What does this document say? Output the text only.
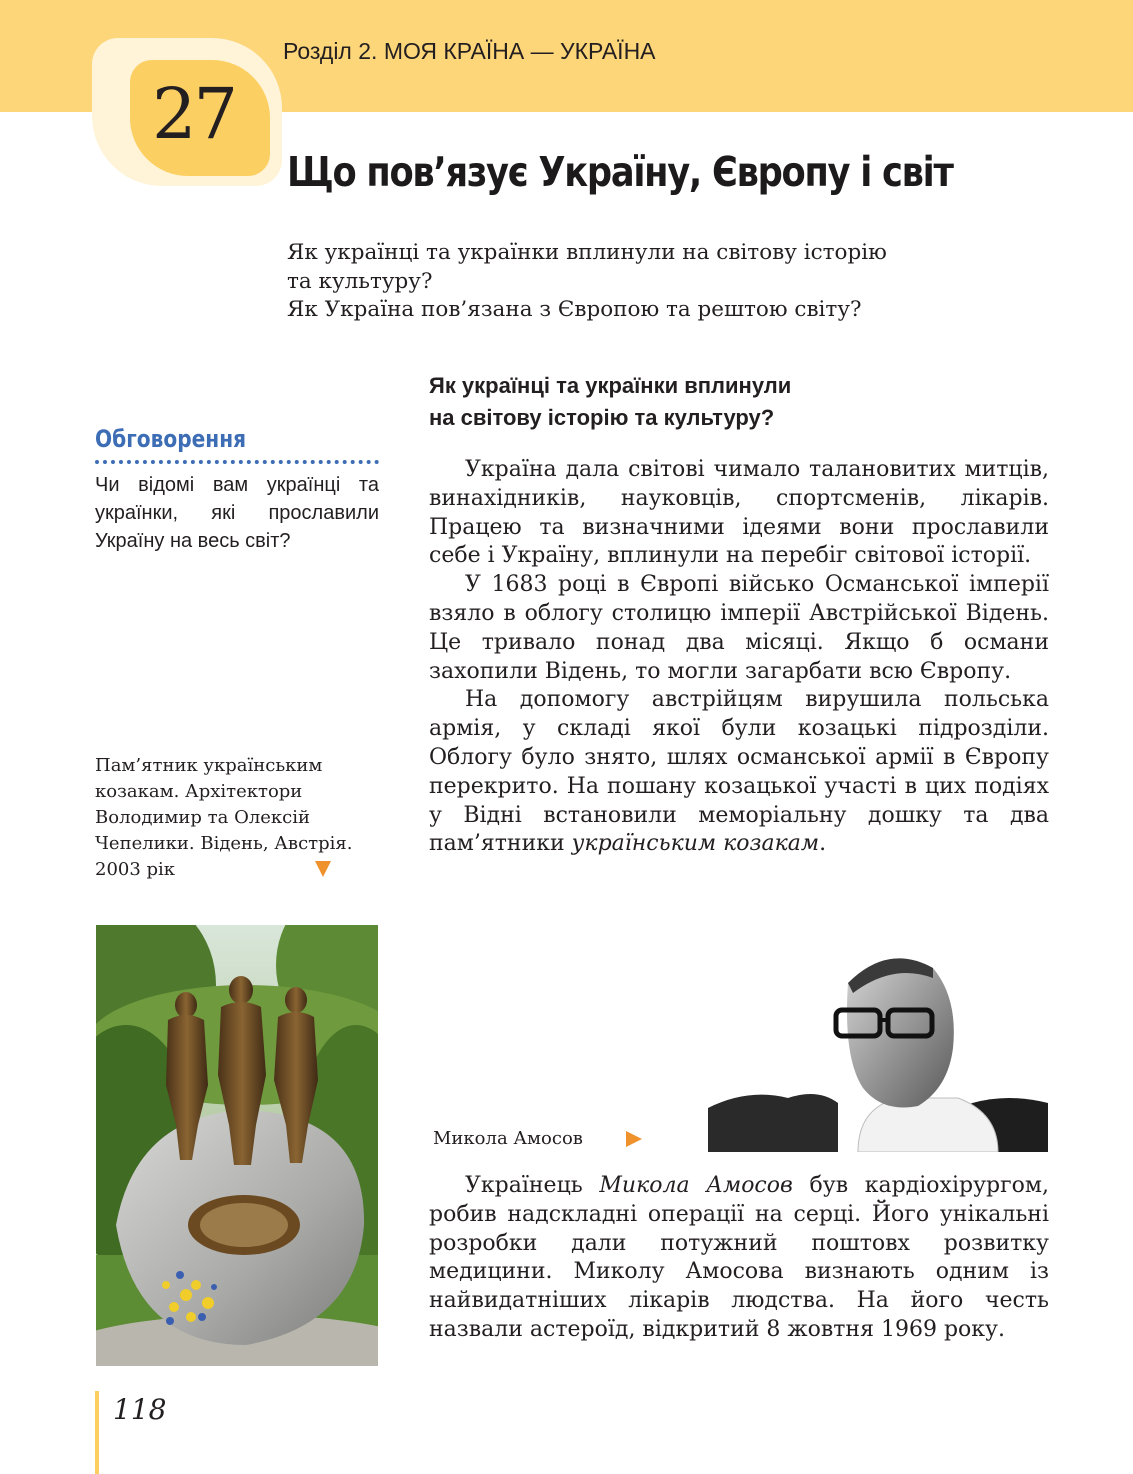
27
Розділ 2. МОЯ КРАЇНА — УКРАЇНА
Що пов’язує Україну, Європу і світ
Як українці та українки вплинули на світову історію
та культуру?
Як Україна пов’язана з Європою та рештою світу?
Обговорення
Чи відомі вам українці та українки, які прославили Україну на весь світ?
Пам’ятник українським козакам. Архітектори Володимир та Олексій Чепелики. Відень, Австрія. 2003 рік
Як українці та українки вплинули
на світову історію та культуру?

Україна дала світові чимало талановитих митців, винахідників, науковців, спортсменів, лікарів. Працею та визначними ідеями вони прославили себе і Україну, вплинули на перебіг світової історії.

У 1683 році в Європі військо Османської імперії взяло в облогу столицю імперії Австрійської Відень. Це тривало понад два місяці. Якщо б османи захопили Відень, то могли загарбати всю Європу.

На допомогу австрійцям вирушила польська армія, у складі якої були козацькі підрозділи. Облогу було знято, шлях османської армії в Європу перекрито. На пошану козацької участі в цих подіях у Відні встановили меморіальну дошку та два пам’ятники українським козакам.

Микола Амосов

Українець Микола Амосов був кардіохірургом, робив надскладні операції на серці. Його унікальні розробки дали потужний поштовх розвитку медицини. Миколу Амосова визнають одним із найвидатніших лікарів людства. На його честь назвали астероїд, відкритий 8 жовтня 1969 року.

118
